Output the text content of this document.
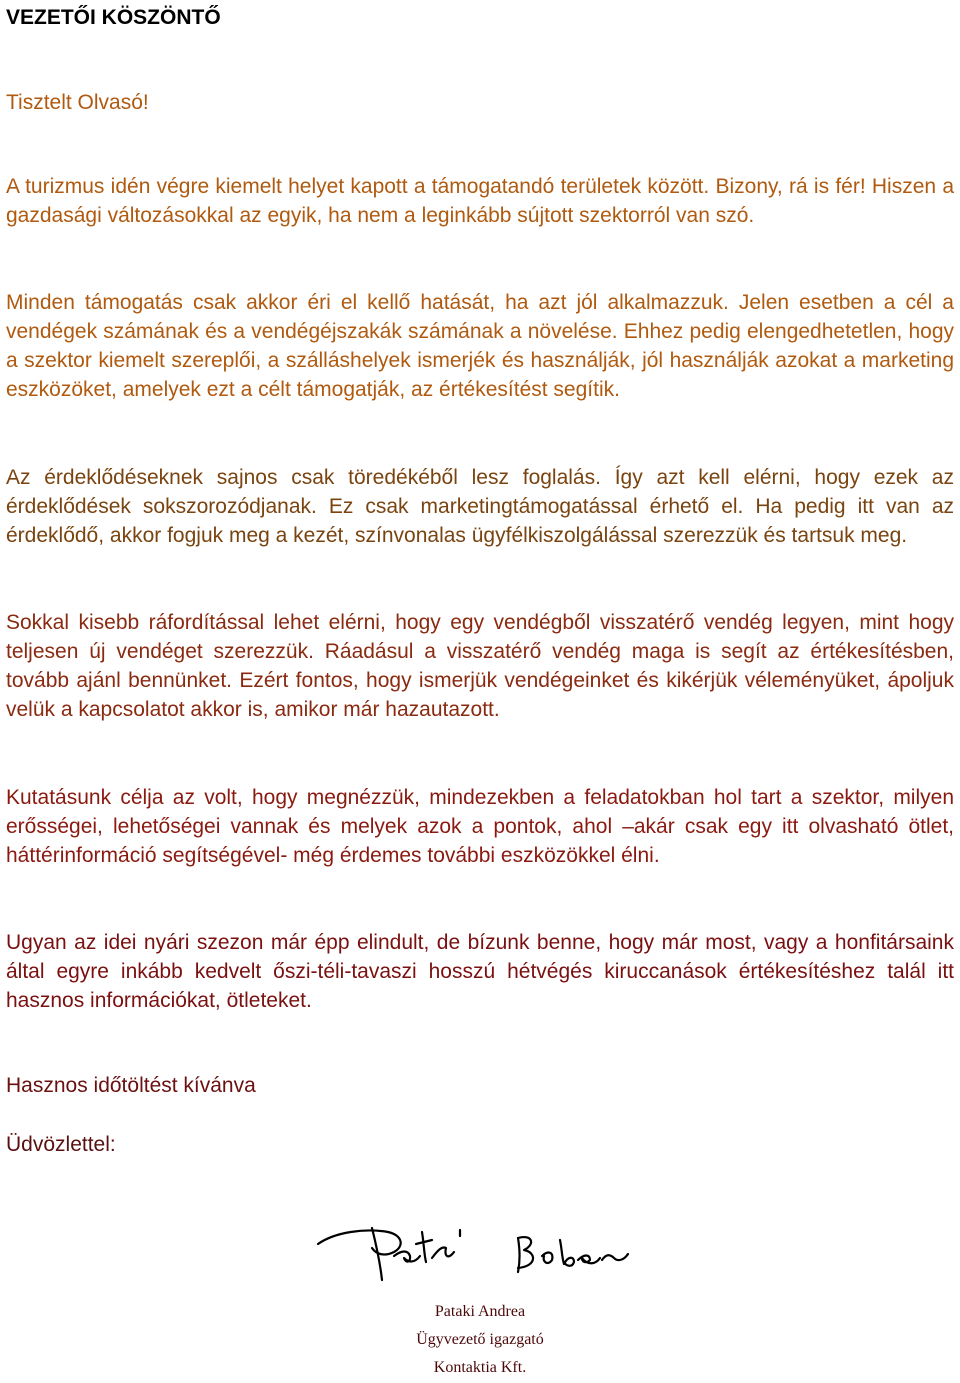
VEZETŐI KÖSZÖNTŐ
Tisztelt Olvasó!
A turizmus idén végre kiemelt helyet kapott a támogatandó területek között. Bizony, rá is fér! Hiszen a gazdasági változásokkal az egyik, ha nem a leginkább sújtott szektorról van szó.
Minden támogatás csak akkor éri el kellő hatását, ha azt jól alkalmazzuk. Jelen esetben a cél a vendégek számának és a vendégéjszakák számának a növelése. Ehhez pedig elengedhetetlen, hogy a szektor kiemelt szereplői, a szálláshelyek ismerjék és használják, jól használják azokat a marketing eszközöket, amelyek ezt a célt támogatják, az értékesítést segítik.
Az érdeklődéseknek sajnos csak töredékéből lesz foglalás. Így azt kell elérni, hogy ezek az érdeklődések sokszorozódjanak. Ez csak marketingtámogatással érhető el. Ha pedig itt van az érdeklődő, akkor fogjuk meg a kezét, színvonalas ügyfélkiszolgálással szerezzük és tartsuk meg.
Sokkal kisebb ráfordítással lehet elérni, hogy egy vendégből visszatérő vendég legyen, mint hogy teljesen új vendéget szerezzük. Ráadásul a visszatérő vendég maga is segít az értékesítésben, tovább ajánl bennünket. Ezért fontos, hogy ismerjük vendégeinket és kikérjük véleményüket, ápoljuk velük a kapcsolatot akkor is, amikor már hazautazott.
Kutatásunk célja az volt, hogy megnézzük, mindezekben a feladatokban hol tart a szektor, milyen erősségei, lehetőségei vannak és melyek azok a pontok, ahol –akár csak egy itt olvasható ötlet, háttérinformáció segítségével- még érdemes további eszközökkel élni.
Ugyan az idei nyári szezon már épp elindult, de bízunk benne, hogy már most, vagy a honfitársaink által egyre inkább kedvelt őszi-téli-tavaszi hosszú hétvégés kiruccanások értékesítéshez talál itt hasznos információkat, ötleteket.
Hasznos időtöltést kívánva
Üdvözlettel:
Pataki Andrea
Ügyvezető igazgató
Kontaktia Kft.
